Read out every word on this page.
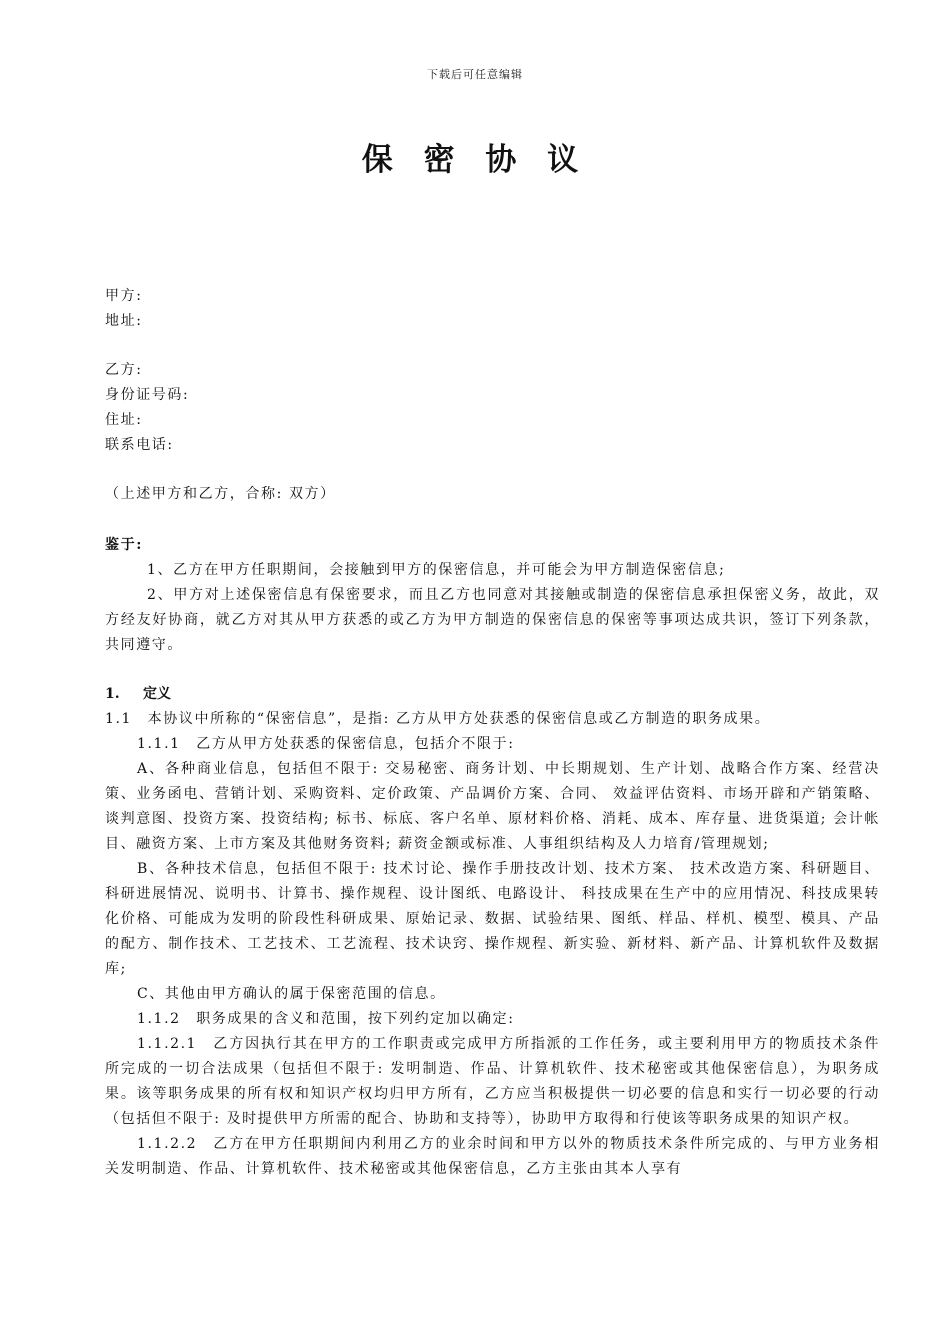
下载后可任意编辑
保 密 协 议
甲方:
地址:
乙方:
身份证号码:
住址:
联系电话:
（上述甲方和乙方，合称: 双方）
鉴于:
1、乙方在甲方任职期间，会接触到甲方的保密信息，并可能会为甲方制造保密信息;
2、甲方对上述保密信息有保密要求，而且乙方也同意对其接触或制造的保密信息承担保密义务，故此，双方经友好协商，就乙方对其从甲方获悉的或乙方为甲方制造的保密信息的保密等事项达成共识，签订下列条款，共同遵守。
1. 定义
1.1　本协议中所称的“保密信息”，是指: 乙方从甲方处获悉的保密信息或乙方制造的职务成果。
1.1.1　乙方从甲方处获悉的保密信息，包括介不限于:
A、各种商业信息，包括但不限于: 交易秘密、商务计划、中长期规划、生产计划、战略合作方案、经营决策、业务函电、营销计划、采购资料、定价政策、产品调价方案、合同、 效益评估资料、市场开辟和产销策略、谈判意图、投资方案、投资结构; 标书、标底、客户名单、原材料价格、消耗、成本、库存量、进货渠道; 会计帐目、融资方案、上市方案及其他财务资料; 薪资金额或标准、人事组织结构及人力培育/管理规划;
B、各种技术信息，包括但不限于: 技术讨论、操作手册技改计划、技术方案、 技术改造方案、科研题目、科研进展情况、说明书、计算书、操作规程、设计图纸、电路设计、 科技成果在生产中的应用情况、科技成果转化价格、可能成为发明的阶段性科研成果、原始记录、数据、试验结果、图纸、样品、样机、模型、模具、产品的配方、制作技术、工艺技术、工艺流程、技术诀窍、操作规程、新实验、新材料、新产品、计算机软件及数据库;
C、其他由甲方确认的属于保密范围的信息。
1.1.2　职务成果的含义和范围，按下列约定加以确定:
1.1.2.1　乙方因执行其在甲方的工作职责或完成甲方所指派的工作任务，或主要利用甲方的物质技术条件所完成的一切合法成果（包括但不限于: 发明制造、作品、计算机软件、技术秘密或其他保密信息），为职务成果。该等职务成果的所有权和知识产权均归甲方所有，乙方应当积极提供一切必要的信息和实行一切必要的行动（包括但不限于: 及时提供甲方所需的配合、协助和支持等），协助甲方取得和行使该等职务成果的知识产权。
1.1.2.2　乙方在甲方任职期间内利用乙方的业余时间和甲方以外的物质技术条件所完成的、与甲方业务相关发明制造、作品、计算机软件、技术秘密或其他保密信息，乙方主张由其本人享有
